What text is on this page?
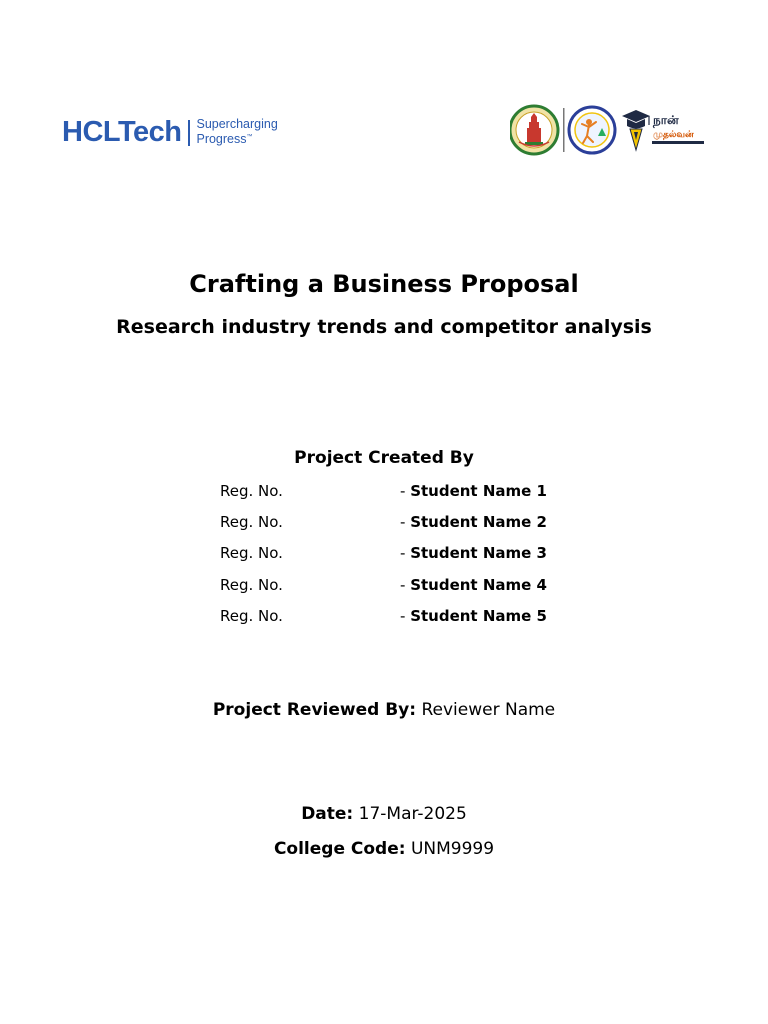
HCLTech Supercharging
Progress™
நான்
முதல்வன்
Crafting a Business Proposal
Research industry trends and competitor analysis
Project Created By
Reg. No.	- Student Name 1
Reg. No.	- Student Name 2
Reg. No.	- Student Name 3
Reg. No.	- Student Name 4
Reg. No.	- Student Name 5
Project Reviewed By: Reviewer Name
Date: 17-Mar-2025
College Code: UNM9999
